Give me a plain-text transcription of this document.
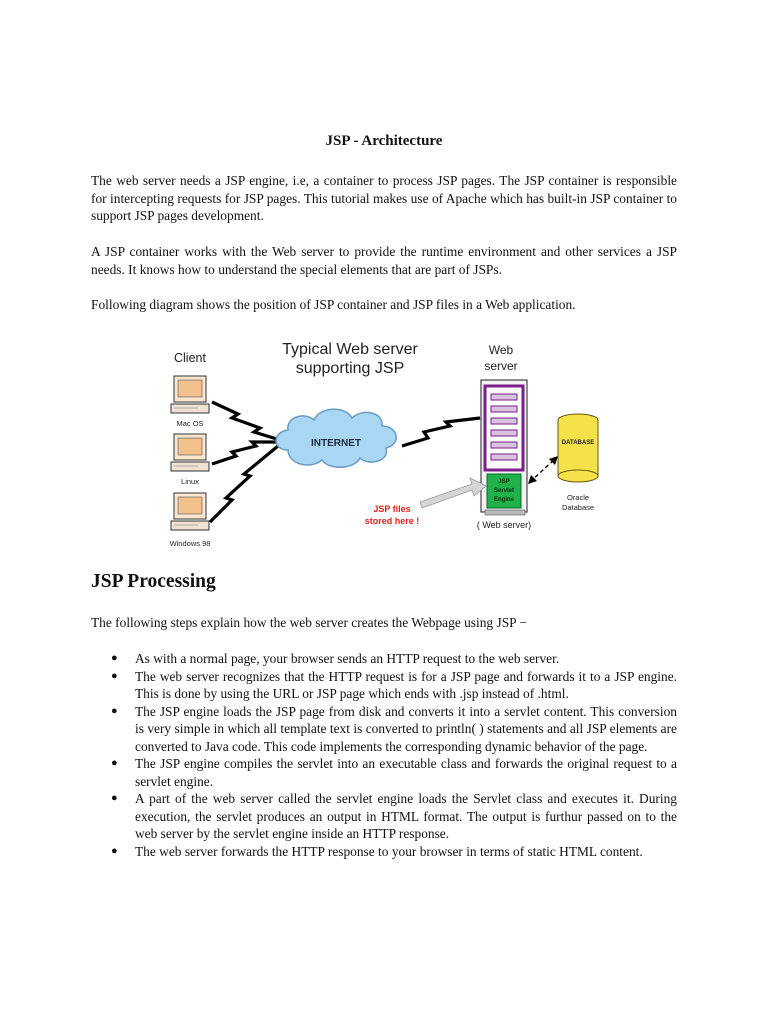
JSP - Architecture
The web server needs a JSP engine, i.e, a container to process JSP pages. The JSP container is responsible for intercepting requests for JSP pages. This tutorial makes use of Apache which has built-in JSP container to support JSP pages development.
A JSP container works with the Web server to provide the runtime environment and other services a JSP needs. It knows how to understand the special elements that are part of JSPs.
Following diagram shows the position of JSP container and JSP files in a Web application.
Client	Typical Web server
supporting JSP
Web
server
Mac OS
Linux
Windows 98
INTERNET
JSP
Servlet
Engine
( Web server)
DATABASE
Oracle
Database
JSP files
stored here !
JSP Processing
The following steps explain how the web server creates the Webpage using JSP −
● As with a normal page, your browser sends an HTTP request to the web server.
● The web server recognizes that the HTTP request is for a JSP page and forwards it to a JSP engine. This is done by using the URL or JSP page which ends with .jsp instead of .html.
● The JSP engine loads the JSP page from disk and converts it into a servlet content. This conversion is very simple in which all template text is converted to println( ) statements and all JSP elements are converted to Java code. This code implements the corresponding dynamic behavior of the page.
● The JSP engine compiles the servlet into an executable class and forwards the original request to a servlet engine.
● A part of the web server called the servlet engine loads the Servlet class and executes it. During execution, the servlet produces an output in HTML format. The output is furthur passed on to the web server by the servlet engine inside an HTTP response.
● The web server forwards the HTTP response to your browser in terms of static HTML content.
